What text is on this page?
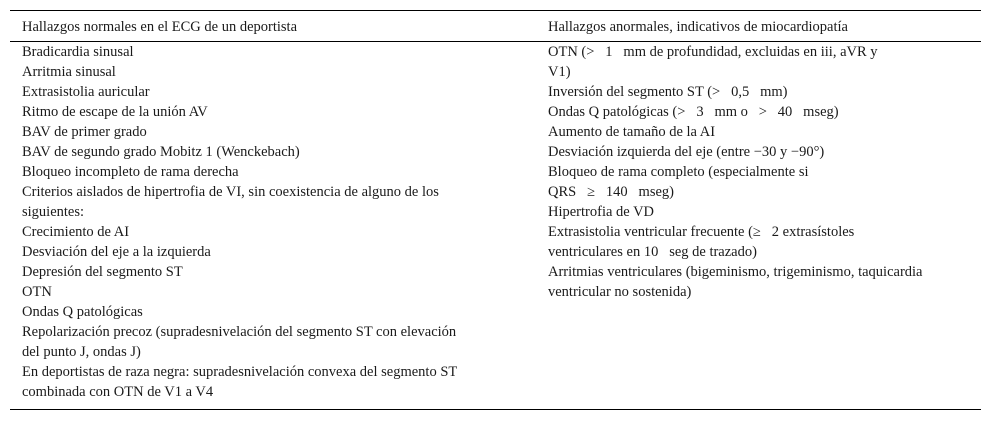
Hallazgos normales en el ECG de un deportista	Hallazgos anormales, indicativos de miocardiopatía
Bradicardia sinusal
Arritmia sinusal
Extrasistolia auricular
Ritmo de escape de la unión AV
BAV de primer grado
BAV de segundo grado Mobitz 1 (Wenckebach)
Bloqueo incompleto de rama derecha
Criterios aislados de hipertrofia de VI, sin coexistencia de alguno de los
siguientes:
Crecimiento de AI
Desviación del eje a la izquierda
Depresión del segmento ST
OTN
Ondas Q patológicas
Repolarización precoz (supradesnivelación del segmento ST con elevación
del punto J, ondas J)
En deportistas de raza negra: supradesnivelación convexa del segmento ST
combinada con OTN de V1 a V4
OTN (>   1   mm de profundidad, excluidas en iii, aVR y
V1)
Inversión del segmento ST (>   0,5   mm)
Ondas Q patológicas (>   3   mm o   >   40   mseg)
Aumento de tamaño de la AI
Desviación izquierda del eje (entre −30 y −90°)
Bloqueo de rama completo (especialmente si
QRS   ≥   140   mseg)
Hipertrofia de VD
Extrasistolia ventricular frecuente (≥   2 extrasístoles
ventriculares en 10   seg de trazado)
Arritmias ventriculares (bigeminismo, trigeminismo, taquicardia
ventricular no sostenida)
